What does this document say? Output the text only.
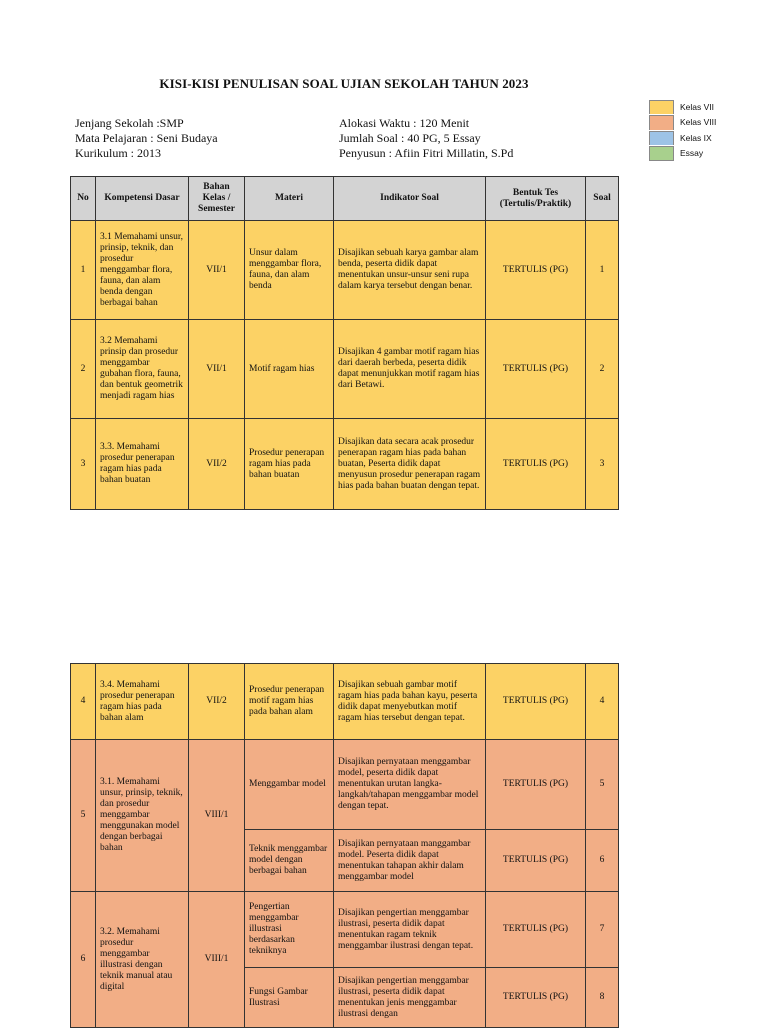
KISI-KISI PENULISAN SOAL UJIAN SEKOLAH TAHUN 2023
Jenjang Sekolah :SMP
Mata Pelajaran : Seni Budaya
Kurikulum : 2013
Alokasi Waktu : 120 Menit
Jumlah Soal : 40 PG, 5 Essay
Penyusun : Afiin Fitri Millatin, S.Pd
Kelas VII
Kelas VIII
Kelas IX
Essay
No	Kompetensi Dasar	Bahan Kelas / Semester	Materi	Indikator Soal	Bentuk Tes (Tertulis/Praktik)	Soal
1	3.1 Memahami unsur, prinsip, teknik, dan prosedur menggambar flora, fauna, dan alam benda dengan berbagai bahan	VII/1	Unsur dalam menggambar flora, fauna, dan alam benda	Disajikan sebuah karya gambar alam benda, peserta didik dapat menentukan unsur-unsur seni rupa dalam karya tersebut dengan benar.	TERTULIS (PG)	1
2	3.2 Memahami prinsip dan prosedur menggambar gubahan flora, fauna, dan bentuk geometrik menjadi ragam hias	VII/1	Motif ragam hias	Disajikan 4 gambar motif ragam hias dari daerah berbeda, peserta didik dapat menunjukkan motif ragam hias dari Betawi.	TERTULIS (PG)	2
3	3.3. Memahami prosedur penerapan ragam hias pada bahan buatan	VII/2	Prosedur penerapan ragam hias pada bahan buatan	Disajikan data secara acak prosedur penerapan ragam hias pada bahan buatan, Peserta didik dapat menyusun prosedur penerapan ragam hias pada bahan buatan dengan tepat.	TERTULIS (PG)	3
4	3.4. Memahami prosedur penerapan ragam hias pada bahan alam	VII/2	Prosedur penerapan motif ragam hias pada bahan alam	Disajikan sebuah gambar motif ragam hias pada bahan kayu, peserta didik dapat menyebutkan motif ragam hias tersebut dengan tepat.	TERTULIS (PG)	4
5	3.1. Memahami unsur, prinsip, teknik, dan prosedur menggambar menggunakan model dengan berbagai bahan	VIII/1	Menggambar model	Disajikan pernyataan menggambar model, peserta didik dapat menentukan urutan langka-langkah/tahapan menggambar model dengan tepat.	TERTULIS (PG)	5
			Teknik menggambar model dengan berbagai bahan	Disajikan pernyataan manggambar model. Peserta didik dapat menentukan tahapan akhir dalam menggambar model	TERTULIS (PG)	6
6	3.2. Memahami prosedur menggambar illustrasi dengan teknik manual atau digital	VIII/1	Pengertian menggambar illustrasi berdasarkan tekniknya	Disajikan pengertian menggambar ilustrasi, peserta didik dapat menentukan ragam teknik menggambar ilustrasi dengan tepat.	TERTULIS (PG)	7
			Fungsi Gambar Ilustrasi	Disajikan pengertian menggambar ilustrasi, peserta didik dapat menentukan jenis menggambar ilustrasi dengan	TERTULIS (PG)	8
